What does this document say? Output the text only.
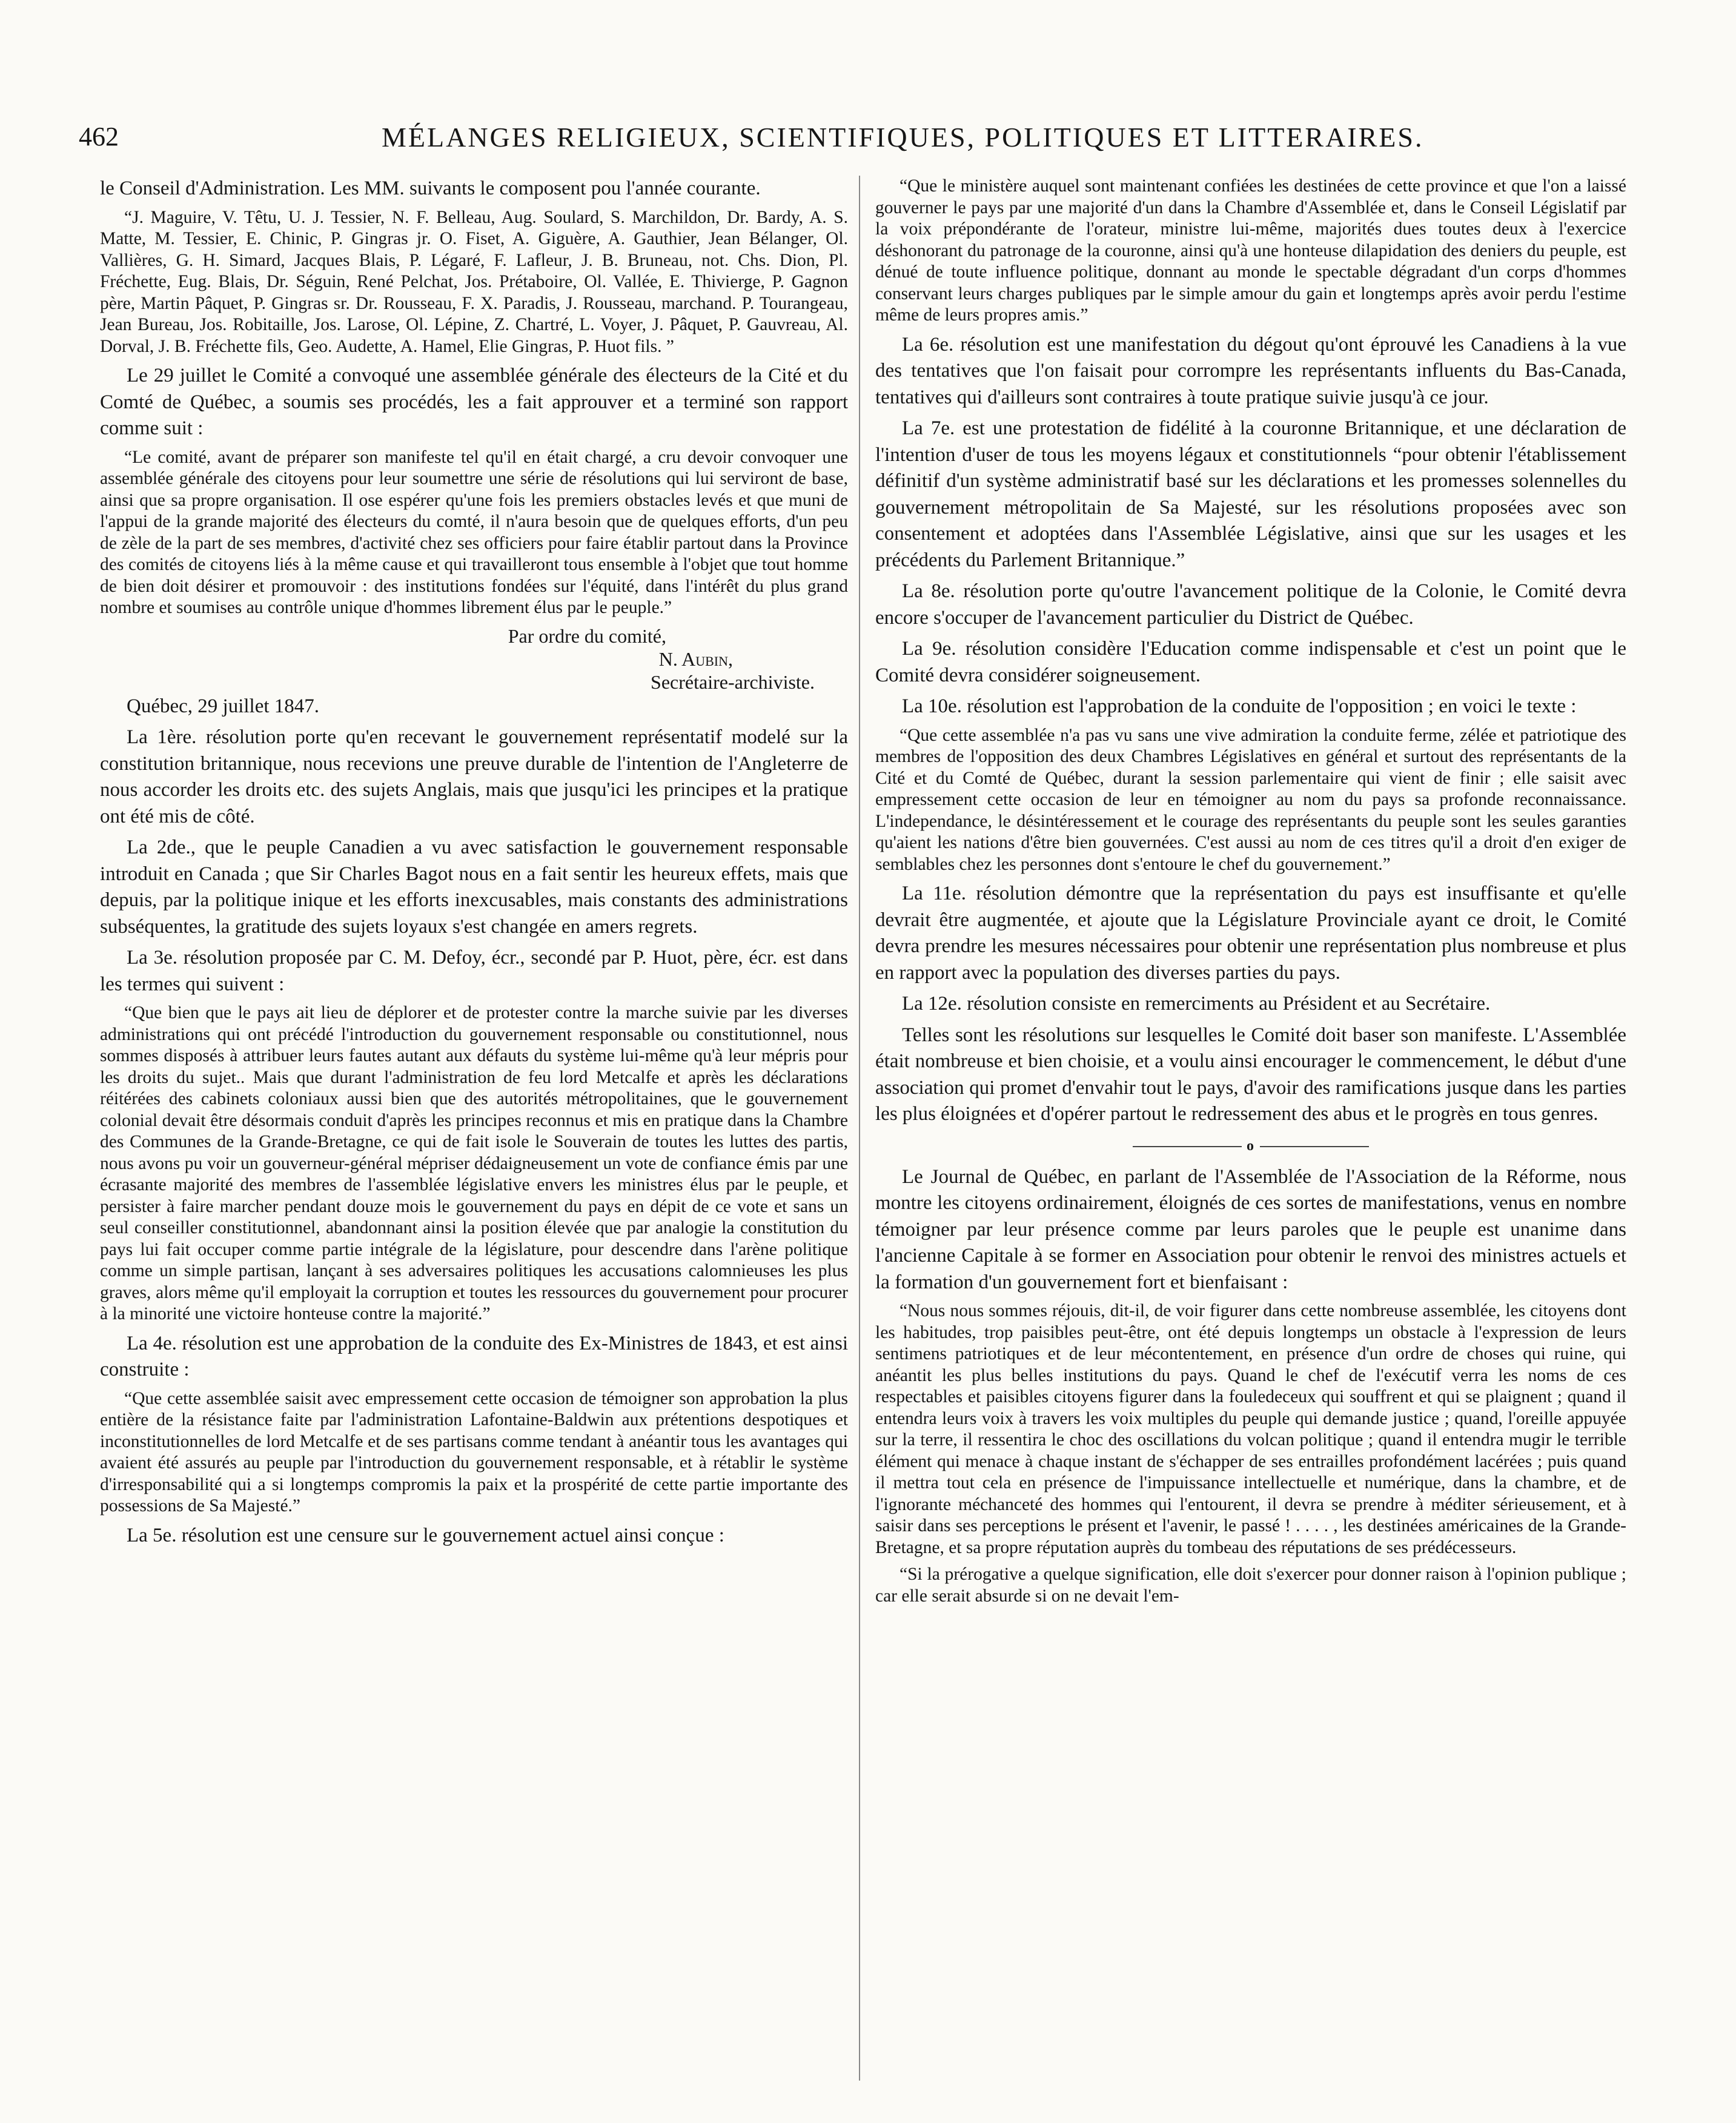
462	MÉLANGES RELIGIEUX, SCIENTIFIQUES, POLITIQUES ET LITTERAIRES.

le Conseil d'Administration. Les MM. suivants le composent pou l'année courante.

“J. Maguire, V. Têtu, U. J. Tessier, N. F. Belleau, Aug. Soulard, S. Marchildon, Dr. Bardy, A. S. Matte, M. Tessier, E. Chinic, P. Gingras jr. O. Fiset, A. Giguère, A. Gauthier, Jean Bélanger, Ol. Vallières, G. H. Simard, Jacques Blais, P. Légaré, F. Lafleur, J. B. Bruneau, not. Chs. Dion, Pl. Fréchette, Eug. Blais, Dr. Séguin, René Pelchat, Jos. Prétaboire, Ol. Vallée, E. Thivierge, P. Gagnon père, Martin Pâquet, P. Gingras sr. Dr. Rousseau, F. X. Paradis, J. Rousseau, marchand. P. Tourangeau, Jean Bureau, Jos. Robitaille, Jos. Larose, Ol. Lépine, Z. Chartré, L. Voyer, J. Pâquet, P. Gauvreau, Al. Dorval, J. B. Fréchette fils, Geo. Audette, A. Hamel, Elie Gingras, P. Huot fils. ”

Le 29 juillet le Comité a convoqué une assemblée générale des électeurs de la Cité et du Comté de Québec, a soumis ses procédés, les a fait approuver et a terminé son rapport comme suit :

“Le comité, avant de préparer son manifeste tel qu'il en était chargé, a cru devoir convoquer une assemblée générale des citoyens pour leur soumettre une série de résolutions qui lui serviront de base, ainsi que sa propre organisation. Il ose espérer qu'une fois les premiers obstacles levés et que muni de l'appui de la grande majorité des électeurs du comté, il n'aura besoin que de quelques efforts, d'un peu de zèle de la part de ses membres, d'activité chez ses officiers pour faire établir partout dans la Province des comités de citoyens liés à la même cause et qui travailleront tous ensemble à l'objet que tout homme de bien doit désirer et promouvoir : des institutions fondées sur l'équité, dans l'intérêt du plus grand nombre et soumises au contrôle unique d'hommes librement élus par le peuple.”

Par ordre du comité,

N. Aubin,

Secrétaire-archiviste.

Québec, 29 juillet 1847.

La 1ère. résolution porte qu'en recevant le gouvernement représentatif modelé sur la constitution britannique, nous recevions une preuve durable de l'intention de l'Angleterre de nous accorder les droits etc. des sujets Anglais, mais que jusqu'ici les principes et la pratique ont été mis de côté.

La 2de., que le peuple Canadien a vu avec satisfaction le gouvernement responsable introduit en Canada ; que Sir Charles Bagot nous en a fait sentir les heureux effets, mais que depuis, par la politique inique et les efforts inexcusables, mais constants des administrations subséquentes, la gratitude des sujets loyaux s'est changée en amers regrets.

La 3e. résolution proposée par C. M. Defoy, écr., secondé par P. Huot, père, écr. est dans les termes qui suivent :

“Que bien que le pays ait lieu de déplorer et de protester contre la marche suivie par les diverses administrations qui ont précédé l'introduction du gouvernement responsable ou constitutionnel, nous sommes disposés à attribuer leurs fautes autant aux défauts du système lui-même qu'à leur mépris pour les droits du sujet.. Mais que durant l'administration de feu lord Metcalfe et après les déclarations réitérées des cabinets coloniaux aussi bien que des autorités métropolitaines, que le gouvernement colonial devait être désormais conduit d'après les principes reconnus et mis en pratique dans la Chambre des Communes de la Grande-Bretagne, ce qui de fait isole le Souverain de toutes les luttes des partis, nous avons pu voir un gouverneur-général mépriser dédaigneusement un vote de confiance émis par une écrasante majorité des membres de l'assemblée législative envers les ministres élus par le peuple, et persister à faire marcher pendant douze mois le gouvernement du pays en dépit de ce vote et sans un seul conseiller constitutionnel, abandonnant ainsi la position élevée que par analogie la constitution du pays lui fait occuper comme partie intégrale de la législature, pour descendre dans l'arène politique comme un simple partisan, lançant à ses adversaires politiques les accusations calomnieuses les plus graves, alors même qu'il employait la corruption et toutes les ressources du gouvernement pour procurer à la minorité une victoire honteuse contre la majorité.”

La 4e. résolution est une approbation de la conduite des Ex-Ministres de 1843, et est ainsi construite :

“Que cette assemblée saisit avec empressement cette occasion de témoigner son approbation la plus entière de la résistance faite par l'administration Lafontaine-Baldwin aux prétentions despotiques et inconstitutionnelles de lord Metcalfe et de ses partisans comme tendant à anéantir tous les avantages qui avaient été assurés au peuple par l'introduction du gouvernement responsable, et à rétablir le système d'irresponsabilité qui a si longtemps compromis la paix et la prospérité de cette partie importante des possessions de Sa Majesté.”

La 5e. résolution est une censure sur le gouvernement actuel ainsi conçue :

“Que le ministère auquel sont maintenant confiées les destinées de cette province et que l'on a laissé gouverner le pays par une majorité d'un dans la Chambre d'Assemblée et, dans le Conseil Législatif par la voix prépondérante de l'orateur, ministre lui-même, majorités dues toutes deux à l'exercice déshonorant du patronage de la couronne, ainsi qu'à une honteuse dilapidation des deniers du peuple, est dénué de toute influence politique, donnant au monde le spectable dégradant d'un corps d'hommes conservant leurs charges publiques par le simple amour du gain et longtemps après avoir perdu l'estime même de leurs propres amis.”

La 6e. résolution est une manifestation du dégout qu'ont éprouvé les Canadiens à la vue des tentatives que l'on faisait pour corrompre les représentants influents du Bas-Canada, tentatives qui d'ailleurs sont contraires à toute pratique suivie jusqu'à ce jour.

La 7e. est une protestation de fidélité à la couronne Britannique, et une déclaration de l'intention d'user de tous les moyens légaux et constitutionnels “pour obtenir l'établissement définitif d'un système administratif basé sur les déclarations et les promesses solennelles du gouvernement métropolitain de Sa Majesté, sur les résolutions proposées avec son consentement et adoptées dans l'Assemblée Législative, ainsi que sur les usages et les précédents du Parlement Britannique.”

La 8e. résolution porte qu'outre l'avancement politique de la Colonie, le Comité devra encore s'occuper de l'avancement particulier du District de Québec.

La 9e. résolution considère l'Education comme indispensable et c'est un point que le Comité devra considérer soigneusement.

La 10e. résolution est l'approbation de la conduite de l'opposition ; en voici le texte :

“Que cette assemblée n'a pas vu sans une vive admiration la conduite ferme, zélée et patriotique des membres de l'opposition des deux Chambres Législatives en général et surtout des représentants de la Cité et du Comté de Québec, durant la session parlementaire qui vient de finir ; elle saisit avec empressement cette occasion de leur en témoigner au nom du pays sa profonde reconnaissance. L'independance, le désintéressement et le courage des représentants du peuple sont les seules garanties qu'aient les nations d'être bien gouvernées. C'est aussi au nom de ces titres qu'il a droit d'en exiger de semblables chez les personnes dont s'entoure le chef du gouvernement.”

La 11e. résolution démontre que la représentation du pays est insuffisante et qu'elle devrait être augmentée, et ajoute que la Législature Provinciale ayant ce droit, le Comité devra prendre les mesures nécessaires pour obtenir une représentation plus nombreuse et plus en rapport avec la population des diverses parties du pays.

La 12e. résolution consiste en remerciments au Président et au Secrétaire.

Telles sont les résolutions sur lesquelles le Comité doit baser son manifeste. L'Assemblée était nombreuse et bien choisie, et a voulu ainsi encourager le commencement, le début d'une association qui promet d'envahir tout le pays, d'avoir des ramifications jusque dans les parties les plus éloignées et d'opérer partout le redressement des abus et le progrès en tous genres.

o

Le Journal de Québec, en parlant de l'Assemblée de l'Association de la Réforme, nous montre les citoyens ordinairement, éloignés de ces sortes de manifestations, venus en nombre témoigner par leur présence comme par leurs paroles que le peuple est unanime dans l'ancienne Capitale à se former en Association pour obtenir le renvoi des ministres actuels et la formation d'un gouvernement fort et bienfaisant :

“Nous nous sommes réjouis, dit-il, de voir figurer dans cette nombreuse assemblée, les citoyens dont les habitudes, trop paisibles peut-être, ont été depuis longtemps un obstacle à l'expression de leurs sentimens patriotiques et de leur mécontentement, en présence d'un ordre de choses qui ruine, qui anéantit les plus belles institutions du pays. Quand le chef de l'exécutif verra les noms de ces respectables et paisibles citoyens figurer dans la fouledeceux qui souffrent et qui se plaignent ; quand il entendra leurs voix à travers les voix multiples du peuple qui demande justice ; quand, l'oreille appuyée sur la terre, il ressentira le choc des oscillations du volcan politique ; quand il entendra mugir le terrible élément qui menace à chaque instant de s'échapper de ses entrailles profondément lacérées ; puis quand il mettra tout cela en présence de l'impuissance intellectuelle et numérique, dans la chambre, et de l'ignorante méchanceté des hommes qui l'entourent, il devra se prendre à méditer sérieusement, et à saisir dans ses perceptions le présent et l'avenir, le passé ! . . . . , les destinées américaines de la Grande-Bretagne, et sa propre réputation auprès du tombeau des réputations de ses prédécesseurs.

“Si la prérogative a quelque signification, elle doit s'exercer pour donner raison à l'opinion publique ; car elle serait absurde si on ne devait l'em-
